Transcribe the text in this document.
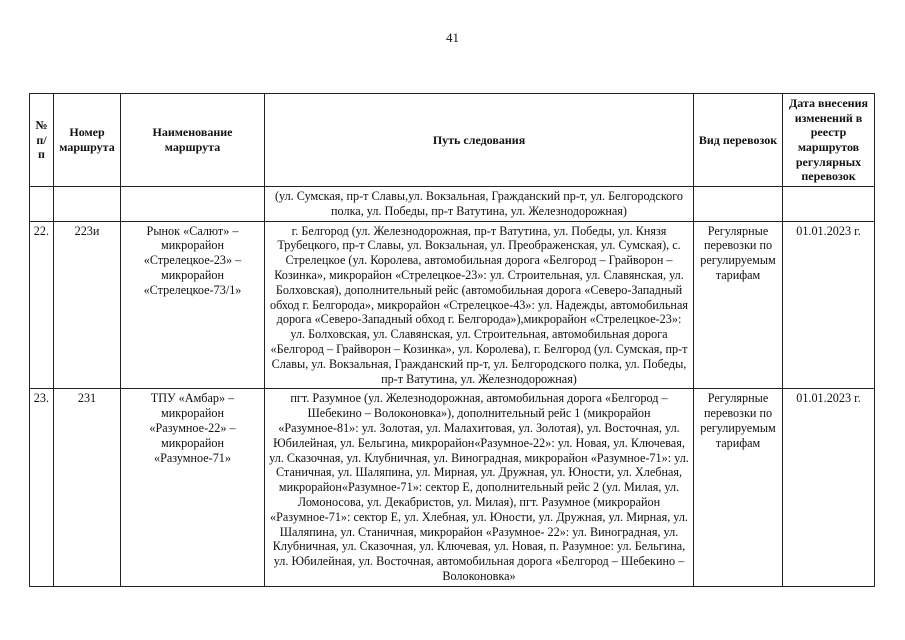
41
№ п/п	Номер маршрута	Наименование маршрута	Путь следования	Вид перевозок	Дата внесения изменений в реестр маршрутов регулярных перевозок
			(ул. Сумская, пр-т Славы,ул. Вокзальная, Гражданский пр-т, ул. Белгородского полка, ул. Победы, пр-т Ватутина, ул. Железнодорожная)		
22.	223и	Рынок «Салют» – микрорайон «Стрелецкое-23» – микрорайон «Стрелецкое-73/1»	г. Белгород (ул. Железнодорожная, пр-т Ватутина, ул. Победы, ул. Князя Трубецкого, пр-т Славы, ул. Вокзальная, ул. Преображенская, ул. Сумская), с. Стрелецкое (ул. Королева, автомобильная дорога «Белгород – Грайворон – Козинка», микрорайон «Стрелецкое-23»: ул. Строительная, ул. Славянская, ул. Болховская), дополнительный рейс (автомобильная дорога «Северо-Западный обход г. Белгорода», микрорайон «Стрелецкое-43»: ул. Надежды, автомобильная дорога «Северо-Западный обход г. Белгорода»),микрорайон «Стрелецкое-23»: ул. Болховская, ул. Славянская, ул. Строительная, автомобильная дорога «Белгород – Грайворон – Козинка», ул. Королева), г. Белгород (ул. Сумская, пр-т Славы, ул. Вокзальная, Гражданский пр-т, ул. Белгородского полка, ул. Победы, пр-т Ватутина, ул. Железнодорожная)	Регулярные перевозки по регулируемым тарифам	01.01.2023 г.
23.	231	ТПУ «Амбар» – микрорайон «Разумное-22» – микрорайон «Разумное-71»	пгт. Разумное (ул. Железнодорожная, автомобильная дорога «Белгород – Шебекино – Волоконовка»), дополнительный рейс 1 (микрорайон «Разумное-81»: ул. Золотая, ул. Малахитовая, ул. Золотая), ул. Восточная, ул. Юбилейная, ул. Бельгина, микрорайон«Разумное-22»: ул. Новая, ул. Ключевая, ул. Сказочная, ул. Клубничная, ул. Виноградная, микрорайон «Разумное-71»: ул. Станичная, ул. Шаляпина, ул. Мирная, ул. Дружная, ул. Юности, ул. Хлебная, микрорайон«Разумное-71»: сектор Е, дополнительный рейс 2 (ул. Милая, ул. Ломоносова, ул. Декабристов, ул. Милая), пгт. Разумное (микрорайон «Разумное-71»: сектор Е, ул. Хлебная, ул. Юности, ул. Дружная, ул. Мирная, ул. Шаляпина, ул. Станичная, микрорайон «Разумное- 22»: ул. Виноградная, ул. Клубничная, ул. Сказочная, ул. Ключевая, ул. Новая, п. Разумное: ул. Бельгина, ул. Юбилейная, ул. Восточная, автомобильная дорога «Белгород – Шебекино – Волоконовка»	Регулярные перевозки по регулируемым тарифам	01.01.2023 г.
